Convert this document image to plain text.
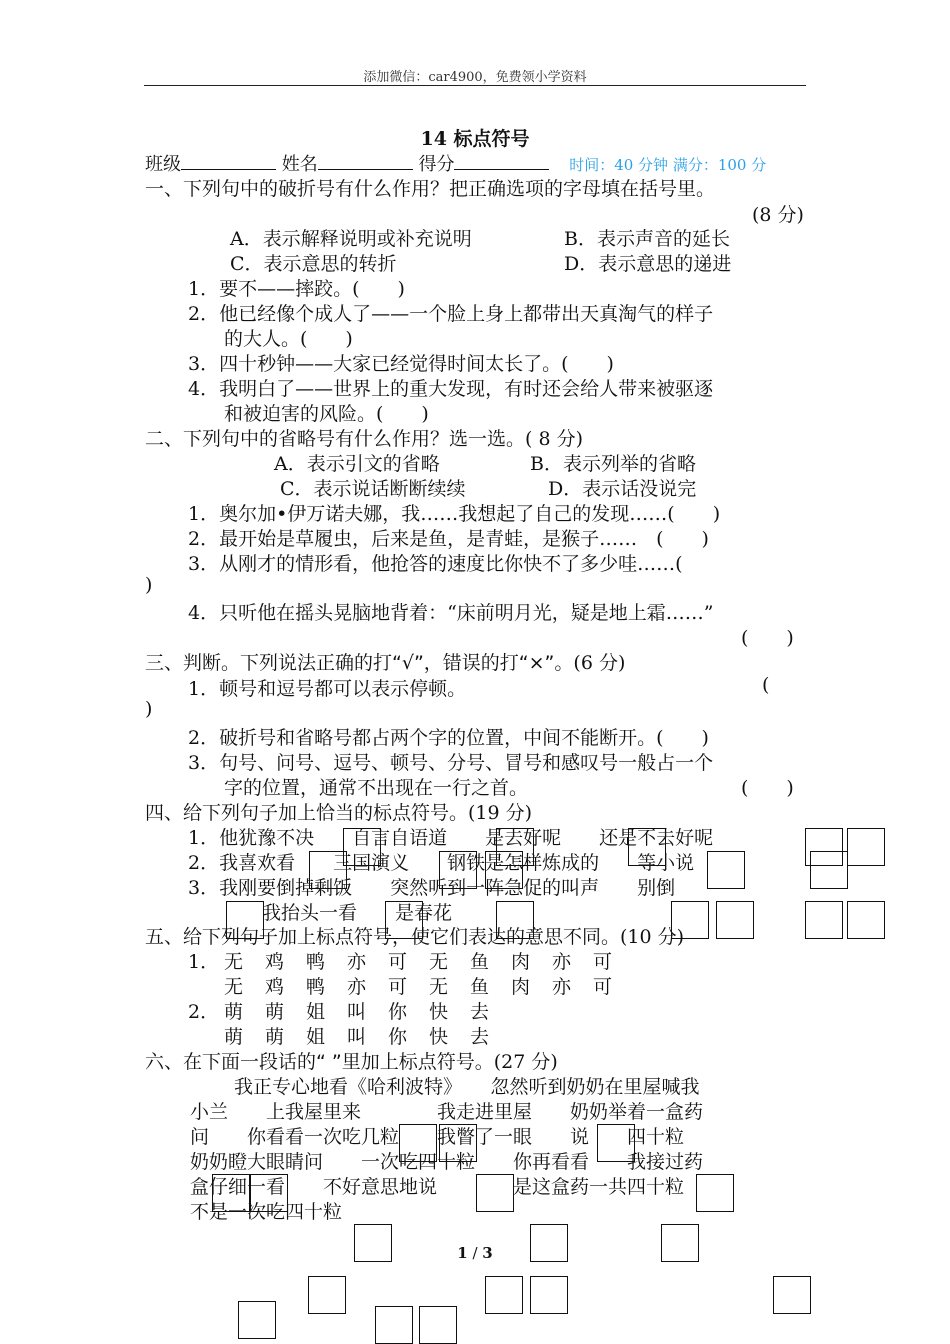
添加微信：car4900，免费领小学资料
14 标点符号
班级	姓名	得分	时间：40 分钟 满分：100 分
一、下列句中的破折号有什么作用？把正确选项的字母填在括号里。
(8 分)
A．表示解释说明或补充说明	B．表示声音的延长
C．表示意思的转折	D．表示意思的递进
1．要不——摔跤。(　　)
2．他已经像个成人了——一个脸上身上都带出天真淘气的样子
的大人。(　　)
3．四十秒钟——大家已经觉得时间太长了。(　　)
4．我明白了——世界上的重大发现，有时还会给人带来被驱逐
和被迫害的风险。(　　)
二、下列句中的省略号有什么作用？选一选。( 8 分)
A．表示引文的省略	B．表示列举的省略
C．表示说话断断续续	D．表示话没说完
1．奥尔加•伊万诺夫娜，我……我想起了自己的发现……(　　)
2．最开始是草履虫，后来是鱼，是青蛙，是猴子……　(　　)
3．从刚才的情形看，他抢答的速度比你快不了多少哇……(
)
4．只听他在摇头晃脑地背着：“床前明月光，疑是地上霜……”
(　　)
三、判断。下列说法正确的打“√”，错误的打“×”。(6 分)
1．顿号和逗号都可以表示停顿。	(
)
2．破折号和省略号都占两个字的位置，中间不能断开。(　　)
3．句号、问号、逗号、顿号、分号、冒号和感叹号一般占一个
字的位置，通常不出现在一行之首。	(　　)
四、给下列句子加上恰当的标点符号。(19 分)
1．他犹豫不决　　自言自语道　　是去好呢　　还是不去好呢
2．我喜欢看　　三国演义　　钢铁是怎样炼成的　　等小说
3．我刚要倒掉剩饭　　突然听到一阵急促的叫声　　别倒
　　我抬头一看　　是春花
五、给下列句子加上标点符号，使它们表达的意思不同。(10 分)
1． 无鸡鸭亦可无鱼肉亦可
无鸡鸭亦可无鱼肉亦可
2． 萌萌姐叫你快去
萌萌姐叫你快去
六、在下面一段话的“ ”里加上标点符号。(27 分)
我正专心地看《哈利波特》　　忽然听到奶奶在里屋喊我
小兰　　上我屋里来　　　　我走进里屋　　奶奶举着一盒药
问　　你看看一次吃几粒　　我瞥了一眼　　说　　四十粒
奶奶瞪大眼睛问　　一次吃四十粒　　你再看看　　我接过药
盒仔细一看　　不好意思地说　　　　是这盒药一共四十粒
不是一次吃四十粒
1 / 3
